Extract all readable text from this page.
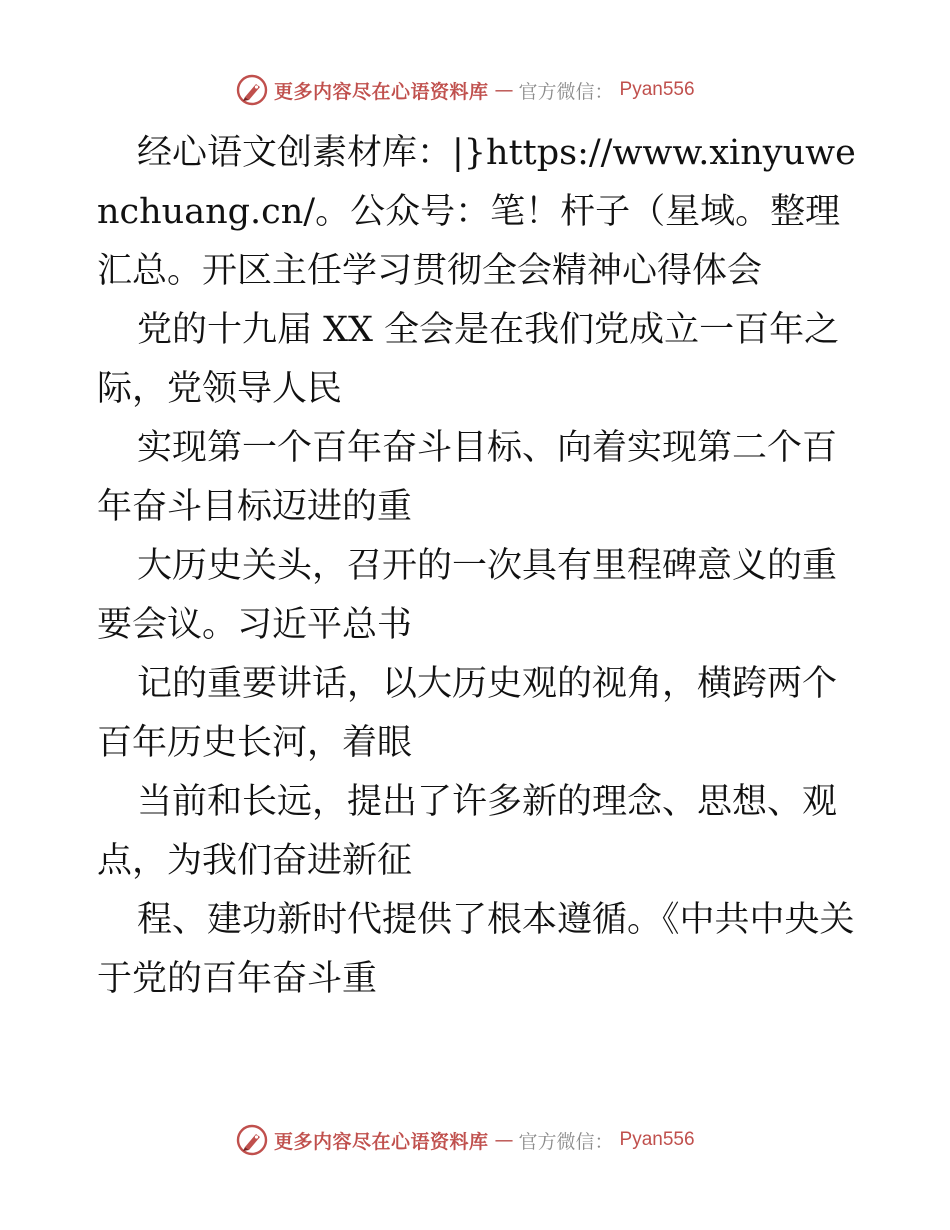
更多内容尽在心语资料库 — 官方微信： Pyan556

经心语文创素材库：|}https://www.xinyuwenchuang.cn/。公众号：笔！杆子（星域。整理汇总。开区主任学习贯彻全会精神心得体会

党的十九届 XX 全会是在我们党成立一百年之际，党领导人民

实现第一个百年奋斗目标、向着实现第二个百年奋斗目标迈进的重

大历史关头，召开的一次具有里程碑意义的重要会议。习近平总书

记的重要讲话，以大历史观的视角，横跨两个百年历史长河，着眼

当前和长远，提出了许多新的理念、思想、观点，为我们奋进新征

程、建功新时代提供了根本遵循。《中共中央关于党的百年奋斗重

更多内容尽在心语资料库 — 官方微信： Pyan556
